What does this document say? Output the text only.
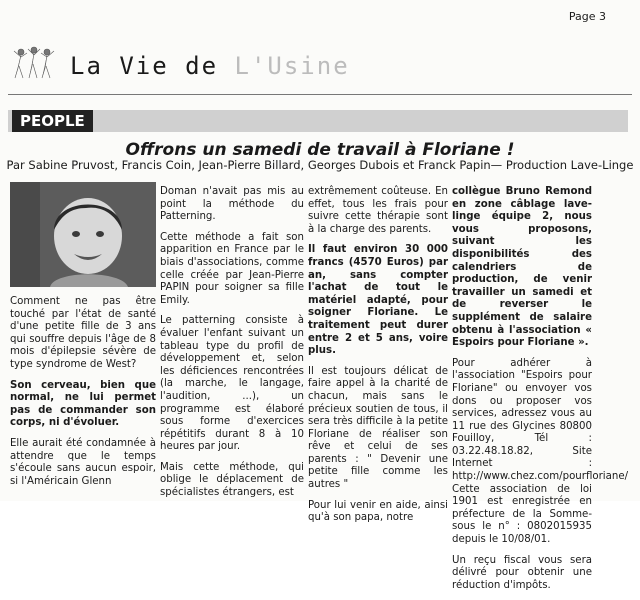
Page 3
La Vie de L'Usine
PEOPLE
Offrons un samedi de travail à Floriane !
Par Sabine Pruvost, Francis Coin, Jean-Pierre Billard, Georges Dubois et Franck Papin— Production Lave-Linge

Comment ne pas être touché par l'état de santé d'une petite fille de 3 ans qui souffre depuis l'âge de 8 mois d'épilepsie sévère de type syndrome de West?

Son cerveau, bien que normal, ne lui permet pas de commander son corps, ni d'évoluer.

Elle aurait été condamnée à attendre que le temps s'écoule sans aucun espoir, si l'Américain Glenn

Doman n'avait pas mis au point la méthode du Patterning.

Cette méthode a fait son apparition en France par le biais d'associations, comme celle créée par Jean-Pierre PAPIN pour soigner sa fille Emily.

Le patterning consiste à évaluer l'enfant suivant un tableau type du profil de développement et, selon les déficiences rencontrées (la marche, le langage, l'audition, ...), un programme est élaboré sous forme d'exercices répétitifs durant 8 à 10 heures par jour.

Mais cette méthode, qui oblige le déplacement de spécialistes étrangers, est

extrêmement coûteuse. En effet, tous les frais pour suivre cette thérapie sont à la charge des parents.

Il faut environ 30 000 francs (4570 Euros) par an, sans compter l'achat de tout le matériel adapté, pour soigner Floriane. Le traitement peut durer entre 2 et 5 ans, voire plus.

Il est toujours délicat de faire appel à la charité de chacun, mais sans le précieux soutien de tous, il sera très difficile à la petite Floriane de réaliser son rêve et celui de ses parents : " Devenir une petite fille comme les autres "

Pour lui venir en aide, ainsi qu'à son papa, notre

collègue Bruno Remond en zone câblage lave-linge équipe 2, nous vous proposons, suivant les disponibilités des calendriers de production, de venir travailler un samedi et de reverser le supplément de salaire obtenu à l'association « Espoirs pour Floriane ».

Pour adhérer à l'association "Espoirs pour Floriane" ou envoyer vos dons ou proposer vos services, adressez vous au 11 rue des Glycines 80800 Fouilloy, Tél : 03.22.48.18.82, Site Internet : http://www.chez.com/pourfloriane/ Cette association de loi 1901 est enregistrée en préfecture de la Somme-sous le n° : 0802015935 depuis le 10/08/01.

Un reçu fiscal vous sera délivré pour obtenir une réduction d'impôts.
